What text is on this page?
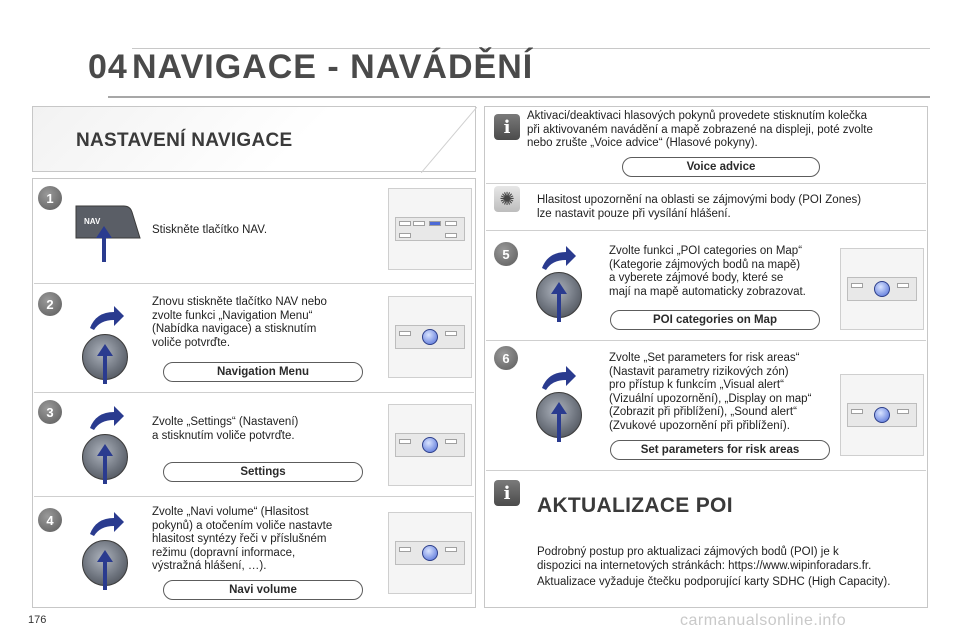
04 NAVIGACE - NAVÁDĚNÍ
NASTAVENÍ NAVIGACE
1
NAV
Stiskněte tlačítko NAV.
2	Znovu stiskněte tlačítko NAV nebo
zvolte funkci „Navigation Menu“
(Nabídka navigace) a stisknutím
voliče potvrďte.
Navigation Menu
3
Zvolte „Settings“ (Nastavení)
a stisknutím voliče potvrďte.
Settings
4
Zvolte „Navi volume“ (Hlasitost
pokynů) a otočením voliče nastavte
hlasitost syntézy řeči v příslušném
režimu (dopravní informace,
výstražná hlášení, …).
Navi volume
i
Aktivaci/deaktivaci hlasových pokynů provedete stisknutím kolečka
při aktivovaném navádění a mapě zobrazené na displeji, poté zvolte
nebo zrušte „Voice advice“ (Hlasové pokyny).
Voice advice
✺	Hlasitost upozornění na oblasti se zájmovými body (POI Zones)
lze nastavit pouze při vysílání hlášení.
5	Zvolte funkci „POI categories on Map“
(Kategorie zájmových bodů na mapě)
a vyberete zájmové body, které se
mají na mapě automaticky zobrazovat.
POI categories on Map
6	Zvolte „Set parameters for risk areas“
(Nastavit parametry rizikových zón)
pro přístup k funkcím „Visual alert“
(Vizuální upozornění), „Display on map“
(Zobrazit při přiblížení), „Sound alert“
(Zvukové upozornění při přiblížení).
Set parameters for risk areas
i
AKTUALIZACE POI
Podrobný postup pro aktualizaci zájmových bodů (POI) je k
dispozici na internetových stránkách: https://www.wipinforadars.fr.
Aktualizace vyžaduje čtečku podporující karty SDHC (High Capacity).
176	carmanualsonline.info
